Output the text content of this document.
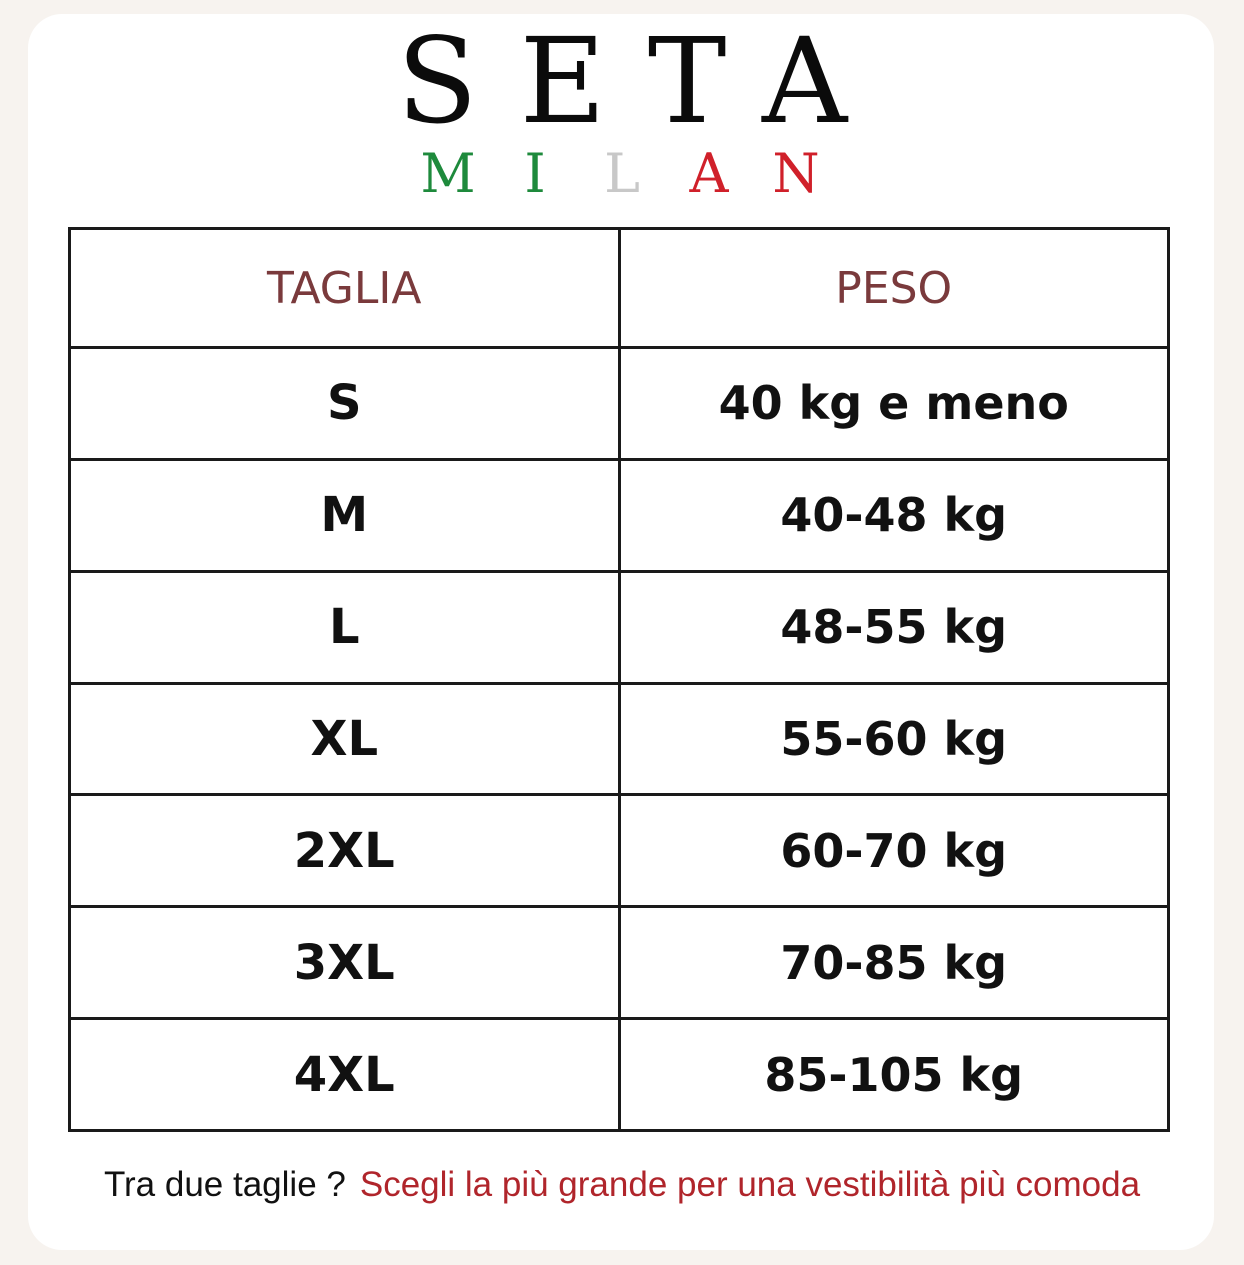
SETA
M I	L A N
TAGLIA	PESO
S	40 kg e meno
M	40-48 kg
L	48-55 kg
XL	55-60 kg
2XL	60-70 kg
3XL	70-85 kg
4XL	85-105 kg
Tra due taglie ? Scegli la più grande per una vestibilità più comoda
